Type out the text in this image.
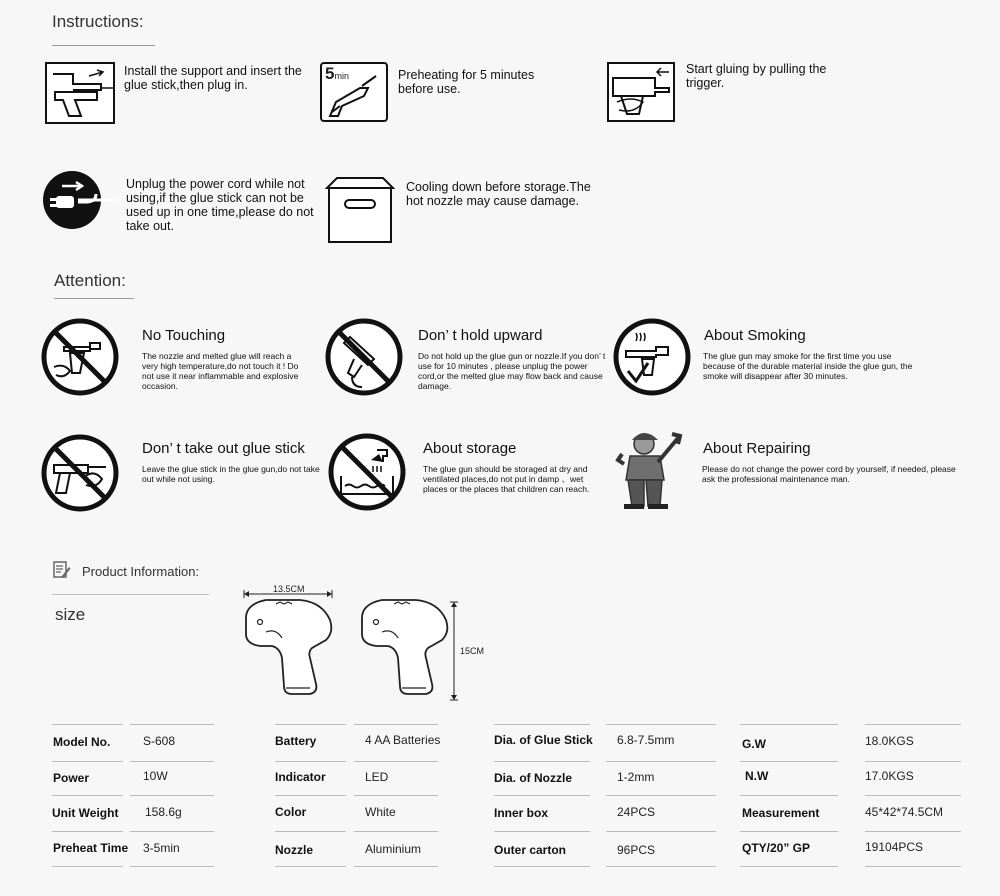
Instructions:
Install the support and insert the glue stick,then plug in.
5min	Preheating for 5 minutes before use.
Start gluing by pulling the trigger.
Unplug the power cord while not using,if the glue stick can not be used up in one time,please do not take out.
Cooling down before storage.The hot nozzle may cause damage.
Attention:
No Touching
The nozzle and melted glue will reach a very high temperature,do not touch it ! Do not use it near inflammable and explosive occasion.
Don’ t hold upward
Do not hold up the glue gun or nozzle.If you don’ t use for 10 minutes , please unplug the power cord,or the melted glue may flow back and cause damage.
About Smoking
The glue gun may smoke for the first time you use because of the durable material inside the glue gun, the smoke will disappear after 30 minutes.
Don’ t take out glue stick
Leave the glue stick in the glue gun,do not take out while not using.
About storage
The glue gun should be storaged at dry and ventilated places,do not put in damp 、wet places or the places that children can reach.
About Repairing
Please do not change the power cord by yourself, if needed, please ask the professional maintenance man.
Product Information:
size
13.5CM
15CM
Model No.	S-608	Battery	4 AA Batteries	Dia. of Glue Stick 6.8-7.5mm	G.W	18.0KGS
Power	10W	Indicator	LED	Dia. of Nozzle	1-2mm	N.W	17.0KGS
Unit Weight 158.6g	Color	White	Inner box	24PCS	Measurement	45*42*74.5CM
Preheat Time 3-5min	Nozzle	Aluminium	Outer carton	96PCS	QTY/20” GP	19104PCS
